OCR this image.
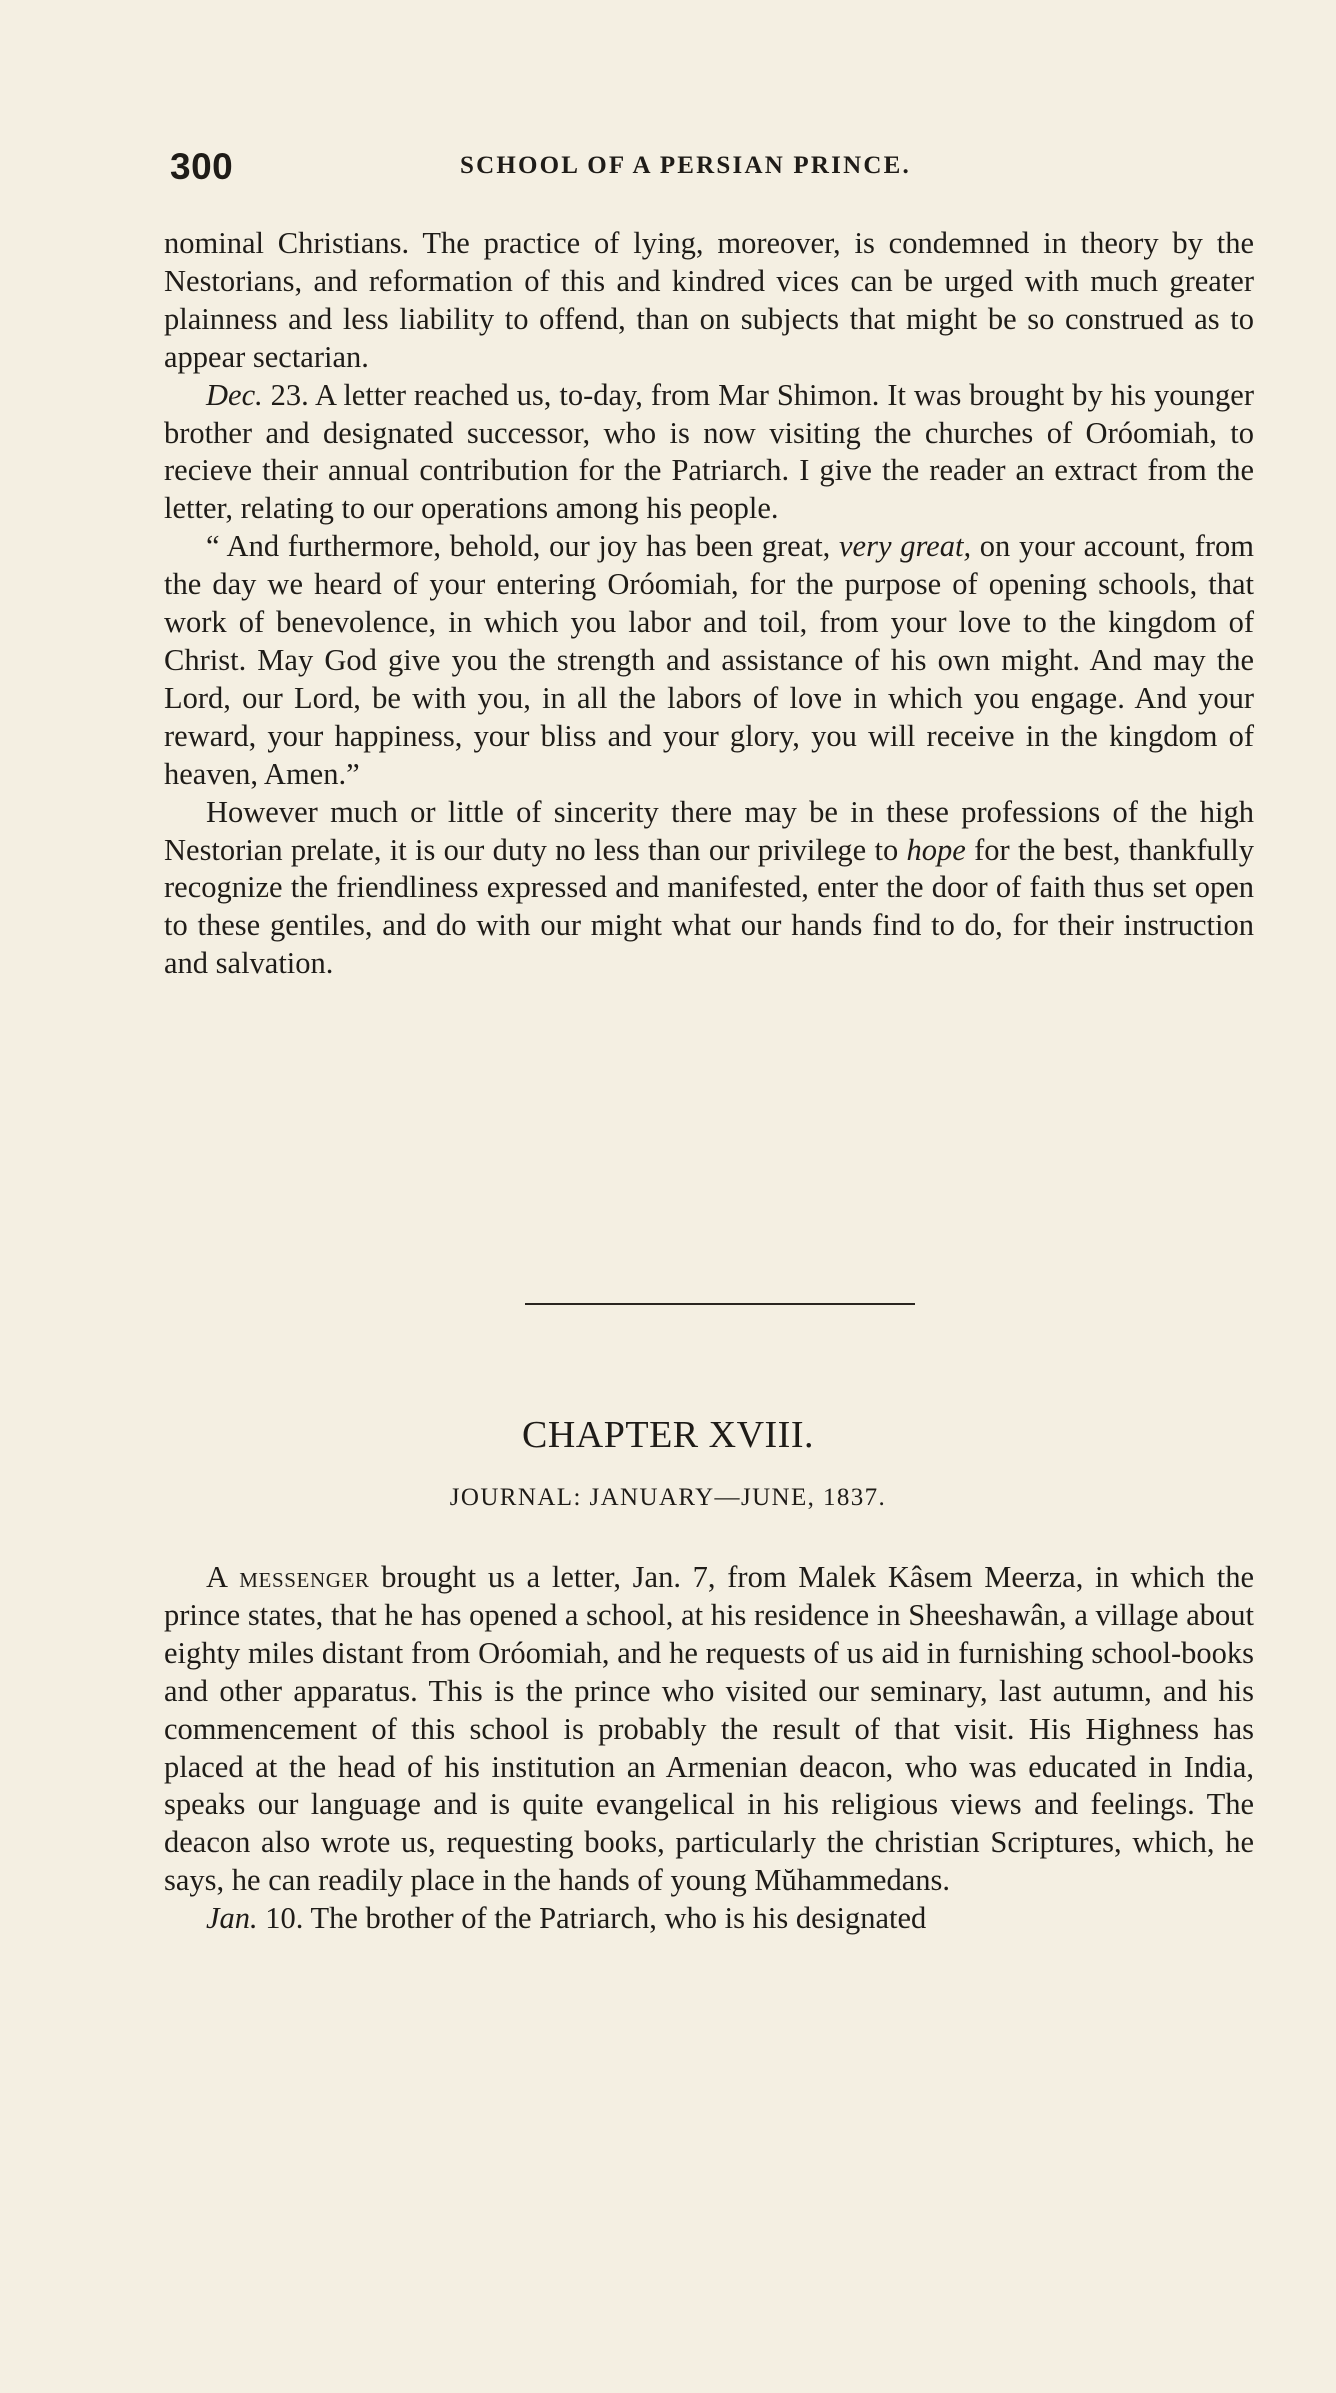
300	SCHOOL OF A PERSIAN PRINCE.

nominal Christians. The practice of lying, moreover, is condemned in theory by the Nestorians, and reformation of this and kindred vices can be urged with much greater plainness and less liability to offend, than on subjects that might be so construed as to appear sectarian.

Dec. 23. A letter reached us, to-day, from Mar Shimon. It was brought by his younger brother and designated successor, who is now visiting the churches of Oróomiah, to recieve their annual contribution for the Patriarch. I give the reader an extract from the letter, relating to our operations among his people.

“ And furthermore, behold, our joy has been great, very great, on your account, from the day we heard of your entering Oróomiah, for the purpose of opening schools, that work of benevolence, in which you labor and toil, from your love to the kingdom of Christ. May God give you the strength and assistance of his own might. And may the Lord, our Lord, be with you, in all the labors of love in which you engage. And your reward, your happiness, your bliss and your glory, you will receive in the kingdom of heaven, Amen.”

However much or little of sincerity there may be in these professions of the high Nestorian prelate, it is our duty no less than our privilege to hope for the best, thankfully recognize the friendliness expressed and manifested, enter the door of faith thus set open to these gentiles, and do with our might what our hands find to do, for their instruction and salvation.

CHAPTER XVIII.
JOURNAL: JANUARY—JUNE, 1837.

A messenger brought us a letter, Jan. 7, from Malek Kâsem Meerza, in which the prince states, that he has opened a school, at his residence in Sheeshawân, a village about eighty miles distant from Oróomiah, and he requests of us aid in furnishing school-books and other apparatus. This is the prince who visited our seminary, last autumn, and his commencement of this school is probably the result of that visit. His Highness has placed at the head of his institution an Armenian deacon, who was educated in India, speaks our language and is quite evangelical in his religious views and feelings. The deacon also wrote us, requesting books, particularly the christian Scriptures, which, he says, he can readily place in the hands of young Mŭhammedans.

Jan. 10. The brother of the Patriarch, who is his designated
